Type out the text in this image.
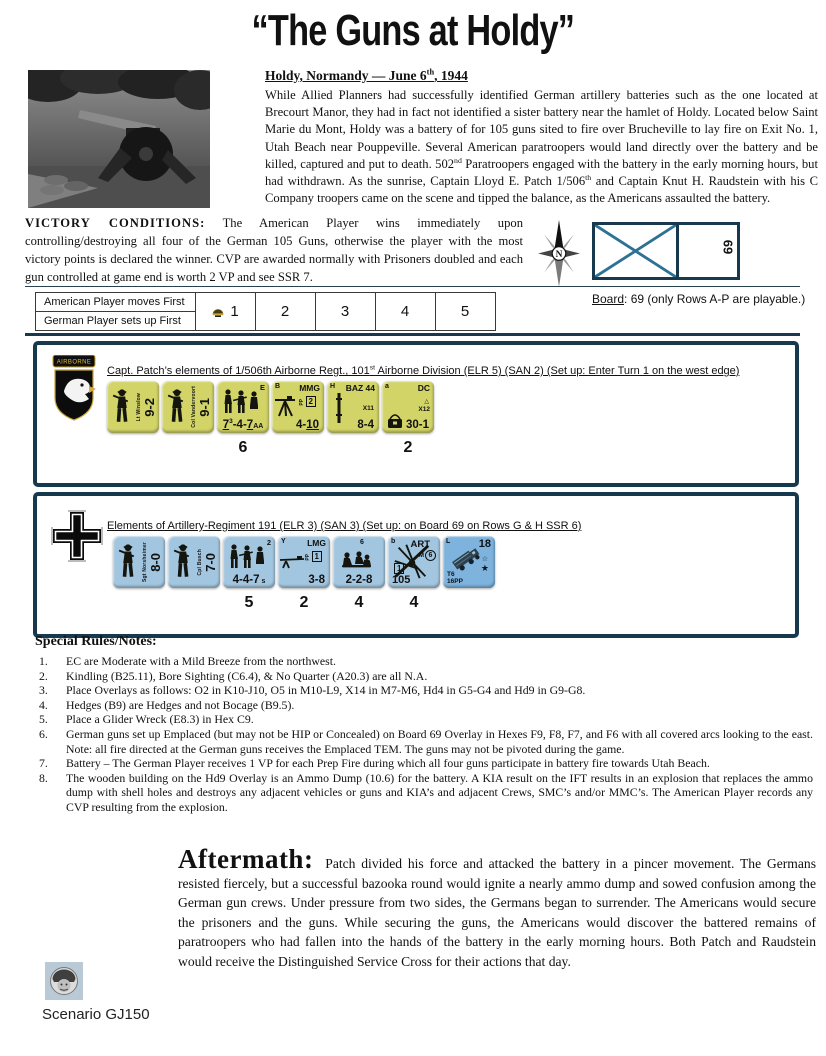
“The Guns at Holdy”
Holdy, Normandy — June 6th, 1944
While Allied Planners had successfully identified German artillery batteries such as the one located at Brecourt Manor, they had in fact not identified a sister battery near the hamlet of Holdy. Located below Saint Marie du Mont, Holdy was a battery of for 105 guns sited to fire over Brucheville to lay fire on Exit No. 1, Utah Beach near Pouppeville. Several American paratroopers would land directly over the battery and be killed, captured and put to death. 502nd Paratroopers engaged with the battery in the early morning hours, but had withdrawn. As the sunrise, Captain Lloyd E. Patch 1/506th and Captain Knut H. Raudstein with his C Company troopers came on the scene and tipped the balance, as the Americans assaulted the battery.
VICTORY CONDITIONS: The American Player wins immediately upon controlling/destroying all four of the German 105 Guns, otherwise the player with the most victory points is declared the winner. CVP are awarded normally with Prisoners doubled and each gun controlled at game end is worth 2 VP and see SSR 7.
N
69
Board: 69 (only Rows A-P are playable.)
American Player moves First
German Player sets up First
1	2	3	4	5
AIRBORNE
Capt. Patch’s elements of 1/506th Airborne Regt., 101st Airborne Division (ELR 5) (SAN 2) (Set up: Enter Turn 1 on the west edge)
Lt Winslow 9-2	Col Vandervoort 9-1
E
$7^3-4-7AA$
B MMG
2
PP
4-10
H BAZ 44
X11
8-4
a	DC
△
X12
30-1
6	2
Elements of Artillery-Regiment 191 (ELR 3) (SAN 3) (Set up: on Board 69 on Rows G & H SSR 6)
Sgt Norsheimer 8-0	Cpl Busch 7-0
2
4-4-7 s
Y	LMG
1
PP
3-8
6
2-2-8
b ART
M 6
1
105
L	18
T6
16PP
☆
★
5	2	4	4
Special Rules/Notes:
1.	EC are Moderate with a Mild Breeze from the northwest.
2.	Kindling (B25.11), Bore Sighting (C6.4), & No Quarter (A20.3) are all N.A.
3.	Place Overlays as follows: O2 in K10-J10, O5 in M10-L9, X14 in M7-M6, Hd4 in G5-G4 and Hd9 in G9-G8.
4.	Hedges (B9) are Hedges and not Bocage (B9.5).
5.	Place a Glider Wreck (E8.3) in Hex C9.
6.	German guns set up Emplaced (but may not be HIP or Concealed) on Board 69 Overlay in Hexes F9, F8, F7, and F6 with all covered arcs looking to the east. Note: all fire directed at the German guns receives the Emplaced TEM. The guns may not be pivoted during the game.
7.	Battery – The German Player receives 1 VP for each Prep Fire during which all four guns participate in battery fire towards Utah Beach.
8.	The wooden building on the Hd9 Overlay is an Ammo Dump (10.6) for the battery. A KIA result on the IFT results in an explosion that replaces the ammo dump with shell holes and destroys any adjacent vehicles or guns and KIA’s and adjacent Crews, SMC’s and/or MMC’s. The American Player records any CVP resulting from the explosion.
Aftermath: Patch divided his force and attacked the battery in a pincer movement. The Germans resisted fiercely, but a successful bazooka round would ignite a nearly ammo dump and sowed confusion among the German gun crews. Under pressure from two sides, the Germans began to surrender. The Americans would secure the prisoners and the guns. While securing the guns, the Americans would discover the battered remains of paratroopers who had fallen into the hands of the battery in the early morning hours. Both Patch and Raudstein would receive the Distinguished Service Cross for their actions that day.
Scenario GJ150
